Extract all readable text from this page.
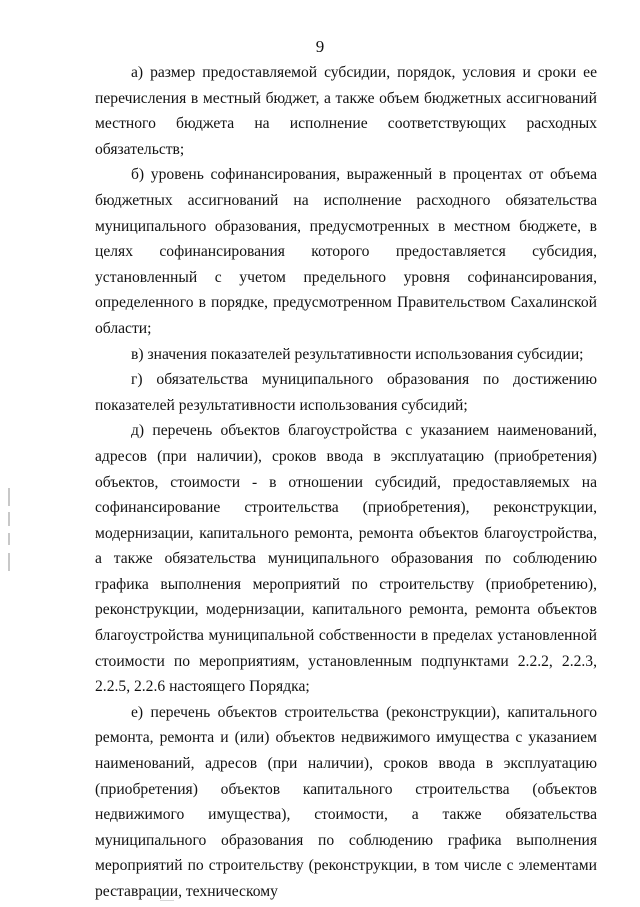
9

а) размер предоставляемой субсидии, порядок, условия и сроки ее перечисления в местный бюджет, а также объем бюджетных ассигнований местного бюджета на исполнение соответствующих расходных обязательств;

б) уровень софинансирования, выраженный в процентах от объема бюджетных ассигнований на исполнение расходного обязательства муниципального образования, предусмотренных в местном бюджете, в целях софинансирования которого предоставляется субсидия, установленный с учетом предельного уровня софинансирования, определенного в порядке, предусмотренном Правительством Сахалинской области;

в) значения показателей результативности использования субсидии;

г) обязательства муниципального образования по достижению показателей результативности использования субсидий;

д) перечень объектов благоустройства с указанием наименований, адресов (при наличии), сроков ввода в эксплуатацию (приобретения) объектов, стоимости - в отношении субсидий, предоставляемых на софинансирование строительства (приобретения), реконструкции, модернизации, капитального ремонта, ремонта объектов благоустройства, а также обязательства муниципального образования по соблюдению графика выполнения мероприятий по строительству (приобретению), реконструкции, модернизации, капитального ремонта, ремонта объектов благоустройства муниципальной собственности в пределах установленной стоимости по мероприятиям, установленным подпунктами 2.2.2, 2.2.3, 2.2.5, 2.2.6 настоящего Порядка;

е) перечень объектов строительства (реконструкции), капитального ремонта, ремонта и (или) объектов недвижимого имущества с указанием наименований, адресов (при наличии), сроков ввода в эксплуатацию (приобретения) объектов капитального строительства (объектов недвижимого имущества), стоимости, а также обязательства муниципального образования по соблюдению графика выполнения мероприятий по строительству (реконструкции, в том числе с элементами реставрации, техническому
